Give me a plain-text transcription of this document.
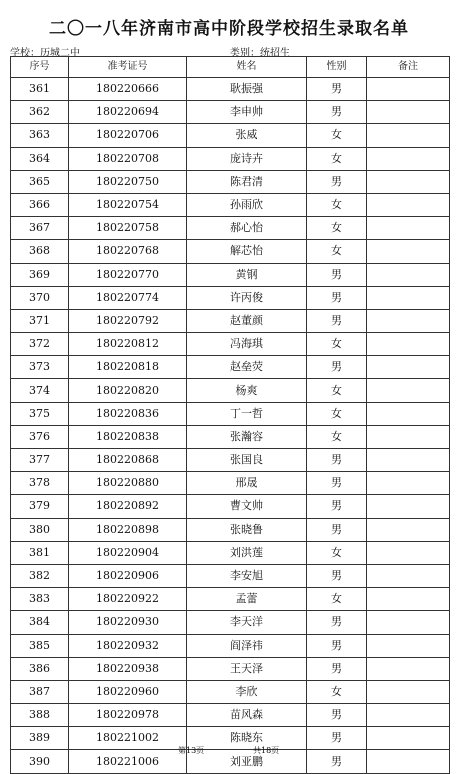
二〇一八年济南市高中阶段学校招生录取名单
学校：历城二中	类别：统招生
序号	准考证号	姓名	性别	备注
361	180220666	耿振强	男	
362	180220694	李申帅	男	
363	180220706	张威	女	
364	180220708	庞诗卉	女	
365	180220750	陈君清	男	
366	180220754	孙雨欣	女	
367	180220758	郝心怡	女	
368	180220768	解芯怡	女	
369	180220770	黄钢	男	
370	180220774	许丙俊	男	
371	180220792	赵董颜	男	
372	180220812	冯海琪	女	
373	180220818	赵垒荧	男	
374	180220820	杨爽	女	
375	180220836	丁一哲	女	
376	180220838	张瀚容	女	
377	180220868	张国良	男	
378	180220880	邢晟	男	
379	180220892	曹文帅	男	
380	180220898	张晓鲁	男	
381	180220904	刘洪莲	女	
382	180220906	李安旭	男	
383	180220922	孟蕾	女	
384	180220930	李天洋	男	
385	180220932	阎泽祎	男	
386	180220938	王天泽	男	
387	180220960	李欣	女	
388	180220978	苗风森	男	
389	180221002	陈晓东	男	
390	180221006	刘亚鹏	男	
第13页	共18页
